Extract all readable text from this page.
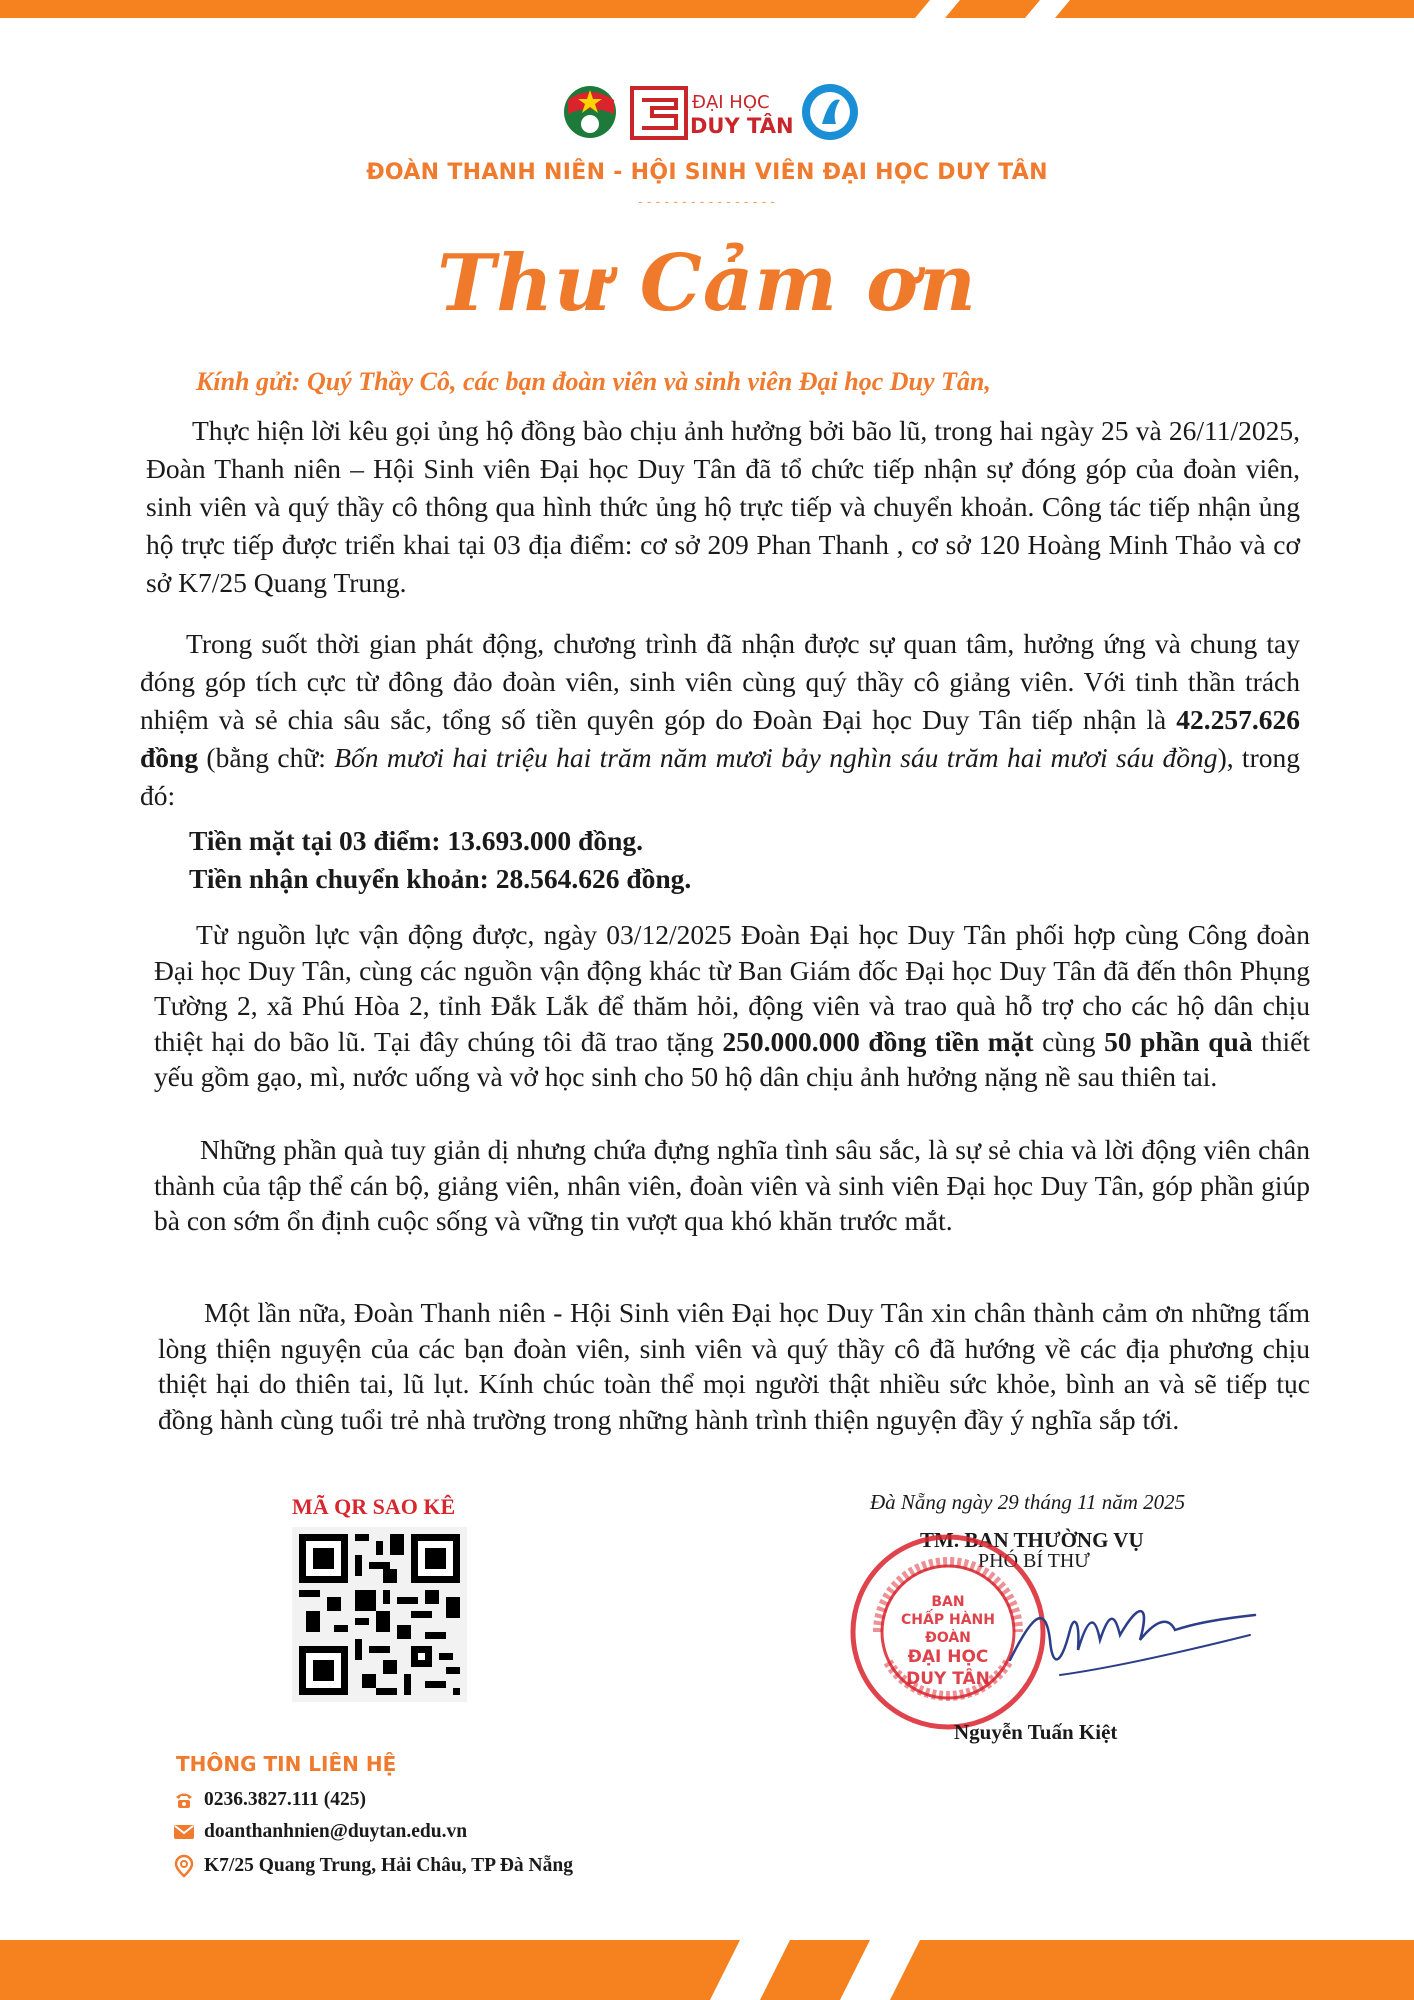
ĐẠI HỌC
DUY TÂN
ĐOÀN THANH NIÊN - HỘI SINH VIÊN ĐẠI HỌC DUY TÂN
----------------
Thư Cảm ơn
Kính gửi: Quý Thầy Cô, các bạn đoàn viên và sinh viên Đại học Duy Tân,
Thực hiện lời kêu gọi ủng hộ đồng bào chịu ảnh hưởng bởi bão lũ, trong hai ngày 25 và 26/11/2025, Đoàn Thanh niên – Hội Sinh viên Đại học Duy Tân đã tổ chức tiếp nhận sự đóng góp của đoàn viên, sinh viên và quý thầy cô thông qua hình thức ủng hộ trực tiếp và chuyển khoản. Công tác tiếp nhận ủng hộ trực tiếp được triển khai tại 03 địa điểm: cơ sở 209 Phan Thanh , cơ sở 120 Hoàng Minh Thảo và cơ sở K7/25 Quang Trung.
Trong suốt thời gian phát động, chương trình đã nhận được sự quan tâm, hưởng ứng và chung tay đóng góp tích cực từ đông đảo đoàn viên, sinh viên cùng quý thầy cô giảng viên. Với tinh thần trách nhiệm và sẻ chia sâu sắc, tổng số tiền quyên góp do Đoàn Đại học Duy Tân tiếp nhận là 42.257.626 đồng (bằng chữ: Bốn mươi hai triệu hai trăm năm mươi bảy nghìn sáu trăm hai mươi sáu đồng), trong đó:
Tiền mặt tại 03 điểm: 13.693.000 đồng.
Tiền nhận chuyển khoản: 28.564.626 đồng.
Từ nguồn lực vận động được, ngày 03/12/2025 Đoàn Đại học Duy Tân phối hợp cùng Công đoàn Đại học Duy Tân, cùng các nguồn vận động khác từ Ban Giám đốc Đại học Duy Tân đã đến thôn Phụng Tường 2, xã Phú Hòa 2, tỉnh Đắk Lắk để thăm hỏi, động viên và trao quà hỗ trợ cho các hộ dân chịu thiệt hại do bão lũ. Tại đây chúng tôi đã trao tặng 250.000.000 đồng tiền mặt cùng 50 phần quà thiết yếu gồm gạo, mì, nước uống và vở học sinh cho 50 hộ dân chịu ảnh hưởng nặng nề sau thiên tai.
Những phần quà tuy giản dị nhưng chứa đựng nghĩa tình sâu sắc, là sự sẻ chia và lời động viên chân thành của tập thể cán bộ, giảng viên, nhân viên, đoàn viên và sinh viên Đại học Duy Tân, góp phần giúp bà con sớm ổn định cuộc sống và vững tin vượt qua khó khăn trước mắt.
Một lần nữa, Đoàn Thanh niên - Hội Sinh viên Đại học Duy Tân xin chân thành cảm ơn những tấm lòng thiện nguyện của các bạn đoàn viên, sinh viên và quý thầy cô đã hướng về các địa phương chịu thiệt hại do thiên tai, lũ lụt. Kính chúc toàn thể mọi người thật nhiều sức khỏe, bình an và sẽ tiếp tục đồng hành cùng tuổi trẻ nhà trường trong những hành trình thiện nguyện đầy ý nghĩa sắp tới.
MÃ QR SAO KÊ	Đà Nẵng ngày 29 tháng 11 năm 2025
TM. BAN THƯỜNG VỤ
PHÓ BÍ THƯ
BAN
CHẤP HÀNH
ĐOÀN
ĐẠI HỌC
DUY TÂN
Nguyễn Tuấn Kiệt
THÔNG TIN LIÊN HỆ
0236.3827.111 (425)
doanthanhnien@duytan.edu.vn
K7/25 Quang Trung, Hải Châu, TP Đà Nẵng
